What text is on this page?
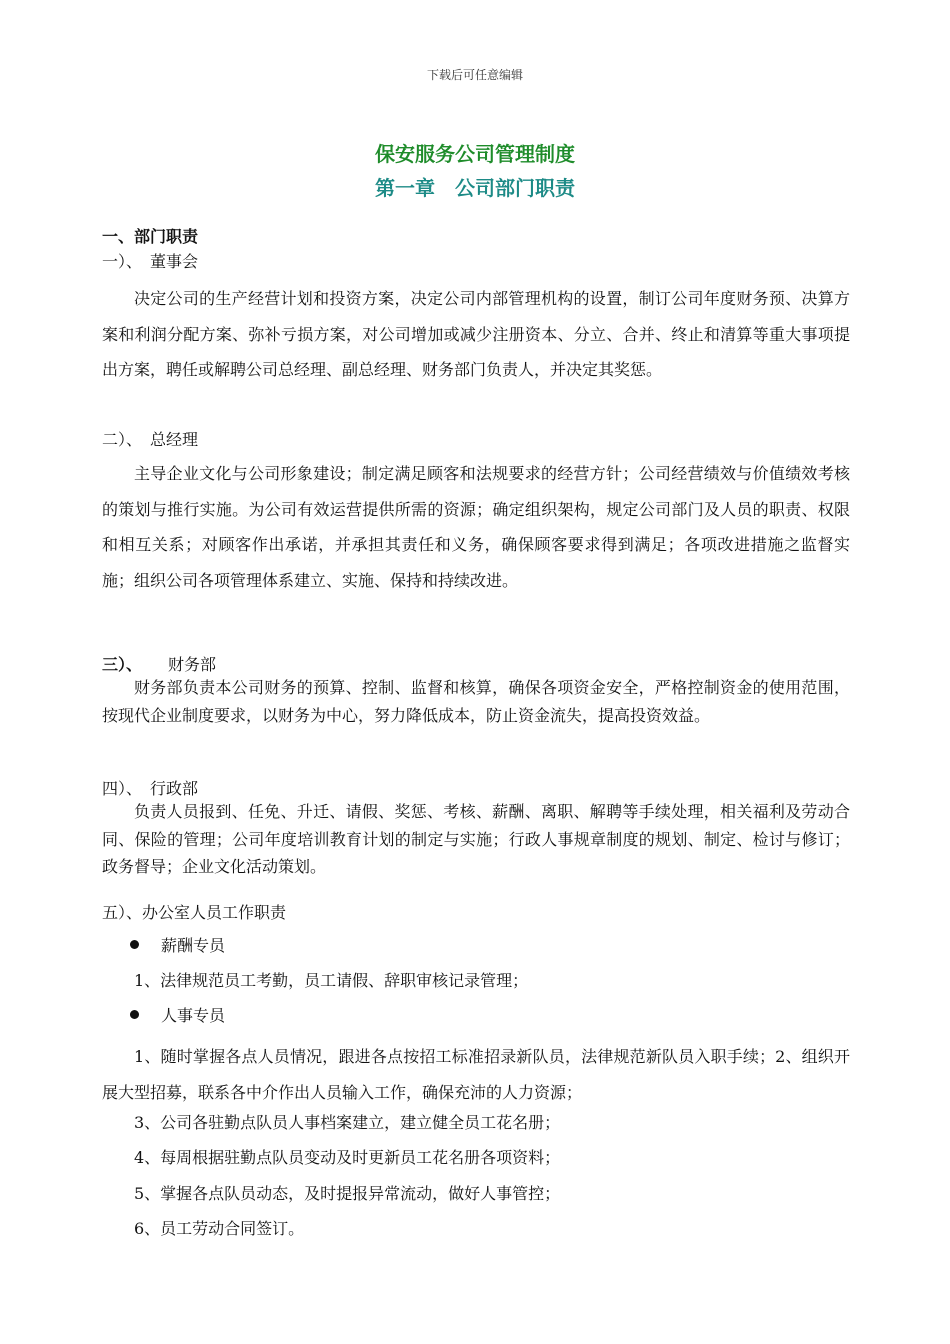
下载后可任意编辑
保安服务公司管理制度
第一章　公司部门职责
一、部门职责
一）、　董事会
决定公司的生产经营计划和投资方案，决定公司内部管理机构的设置，制订公司年度财务预、决算方案和利润分配方案、弥补亏损方案，对公司增加或减少注册资本、分立、合并、终止和清算等重大事项提出方案，聘任或解聘公司总经理、副总经理、财务部门负责人，并决定其奖惩。
二）、　总经理
主导企业文化与公司形象建设；制定满足顾客和法规要求的经营方针；公司经营绩效与价值绩效考核的策划与推行实施。为公司有效运营提供所需的资源；确定组织架构，规定公司部门及人员的职责、权限和相互关系；对顾客作出承诺，并承担其责任和义务，确保顾客要求得到满足；各项改进措施之监督实施；组织公司各项管理体系建立、实施、保持和持续改进。
三）、 财务部
财务部负责本公司财务的预算、控制、监督和核算，确保各项资金安全，严格控制资金的使用范围，按现代企业制度要求，以财务为中心，努力降低成本，防止资金流失，提高投资效益。
四）、　行政部
负责人员报到、任免、升迁、请假、奖惩、考核、薪酬、离职、解聘等手续处理，相关福利及劳动合同、保险的管理；公司年度培训教育计划的制定与实施；行政人事规章制度的规划、制定、检讨与修订；政务督导；企业文化活动策划。
五）、办公室人员工作职责
薪酬专员
1、法律规范员工考勤，员工请假、辞职审核记录管理；
人事专员
1、随时掌握各点人员情况，跟进各点按招工标准招录新队员，法律规范新队员入职手续；2、组织开展大型招募，联系各中介作出人员输入工作，确保充沛的人力资源；
3、公司各驻勤点队员人事档案建立，建立健全员工花名册；
4、每周根据驻勤点队员变动及时更新员工花名册各项资料；
5、掌握各点队员动态，及时提报异常流动，做好人事管控；
6、员工劳动合同签订。
